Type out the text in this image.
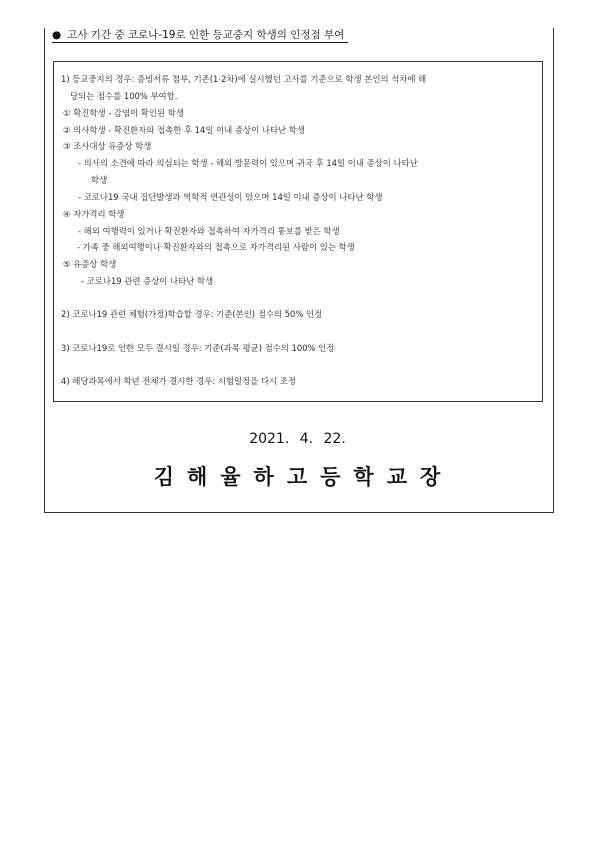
● 고사 기간 중 코로나-19로 인한 등교중지 학생의 인정점 부여
1) 등교중지의 경우: 증빙서류 첨부, 기존(1·2차)에 실시했던 고사를 기준으로 학생 본인의 석차에 해
당되는 점수를 100% 부여함.
① 확진학생 - 감염이 확인된 학생
② 의사학생 - 확진환자와 접촉한 후 14일 이내 증상이 나타난 학생
③ 조사대상 유증상 학생
- 의사의 소견에 따라 의심되는 학생 - 해외 방문력이 있으며 귀국 후 14일 이내 증상이 나타난
학생
- 코로나19 국내 집단발생과 역학적 연관성이 있으며 14일 이내 증상이 나타난 학생
④ 자가격리 학생
- 해외 여행력이 있거나 확진환자와 접촉하여 자가격리 통보를 받은 학생
- 가족 중 해외여행이나 확진환자와의 접촉으로 자가격리된 사람이 있는 학생
⑤ 유증상 학생
- 코로나19 관련 증상이 나타난 학생
2) 코로나19 관련 체험(가정)학습할 경우: 기준(본인) 점수의 50% 인정
3) 코로나19로 인한 모두 결시일 경우: 기준(과목 평균) 점수의 100% 인정
4) 해당과목에서 학년 전체가 결시한 경우: 시험일정을 다시 조정
2021. 4. 22.
김해율하고등학교장
